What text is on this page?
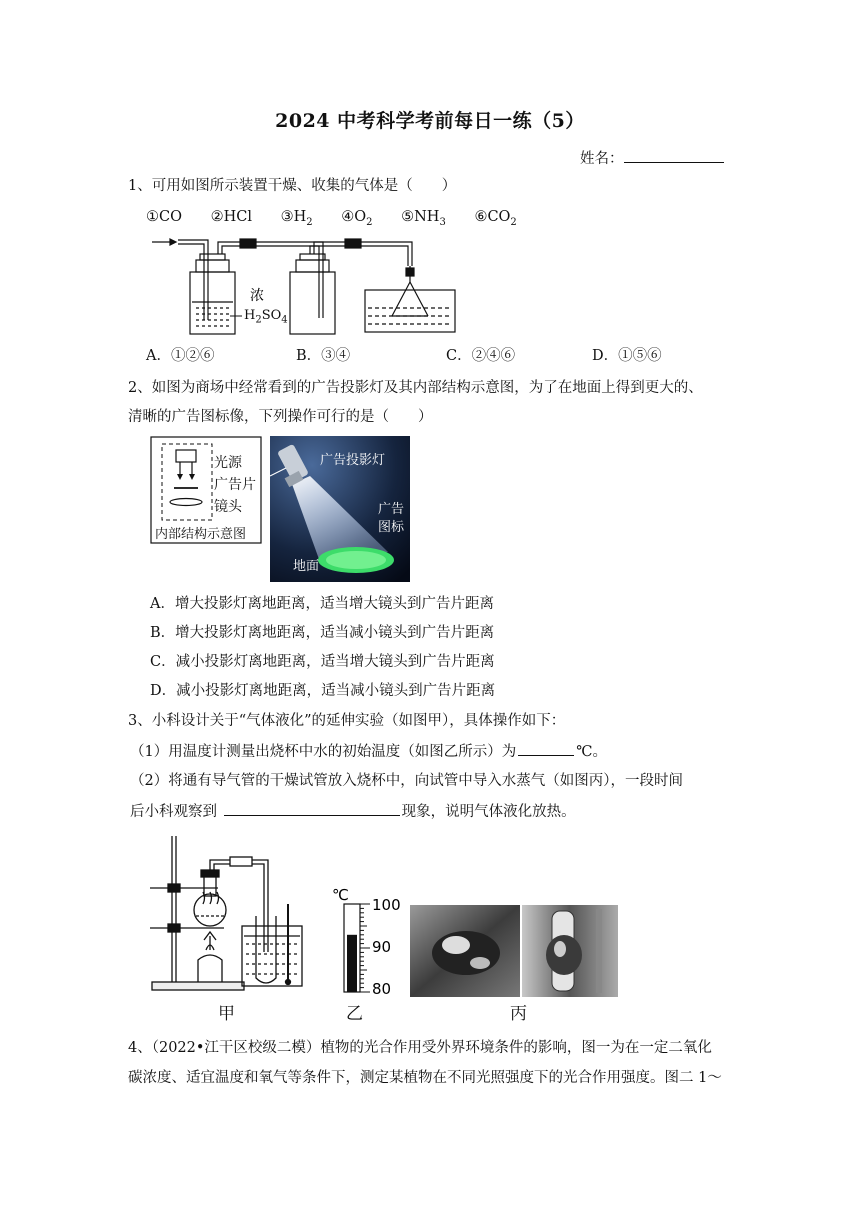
2024 中考科学考前每日一练（5）
姓名：
1、可用如图所示装置干燥、收集的气体是（　　）
①CO ②HCl $③H_2$ $④O_2$ $⑤NH_3$ $⑥CO_2$
浓
$H_2SO_4$
A．①②⑥	B．③④	C．②④⑥	D．①⑤⑥
2、如图为商场中经常看到的广告投影灯及其内部结构示意图，为了在地面上得到更大的、
清晰的广告图标像，下列操作可行的是（　　）
光源
广告片
镜头
内部结构示意图
广告投影灯
广告
图标
地面
A．增大投影灯离地距离，适当增大镜头到广告片距离
B．增大投影灯离地距离，适当减小镜头到广告片距离
C．减小投影灯离地距离，适当增大镜头到广告片距离
D．减小投影灯离地距离，适当减小镜头到广告片距离
3、小科设计关于“气体液化”的延伸实验（如图甲），具体操作如下：
（1）用温度计测量出烧杯中水的初始温度（如图乙所示）为	℃。
（2）将通有导气管的干燥试管放入烧杯中，向试管中导入水蒸气（如图丙），一段时间
后小科观察到	现象，说明气体液化放热。
℃
100
90
80
甲	乙	丙
4、（2022•江干区校级二模）植物的光合作用受外界环境条件的影响，图一为在一定二氧化
碳浓度、适宜温度和氧气等条件下，测定某植物在不同光照强度下的光合作用强度。图二 1～
